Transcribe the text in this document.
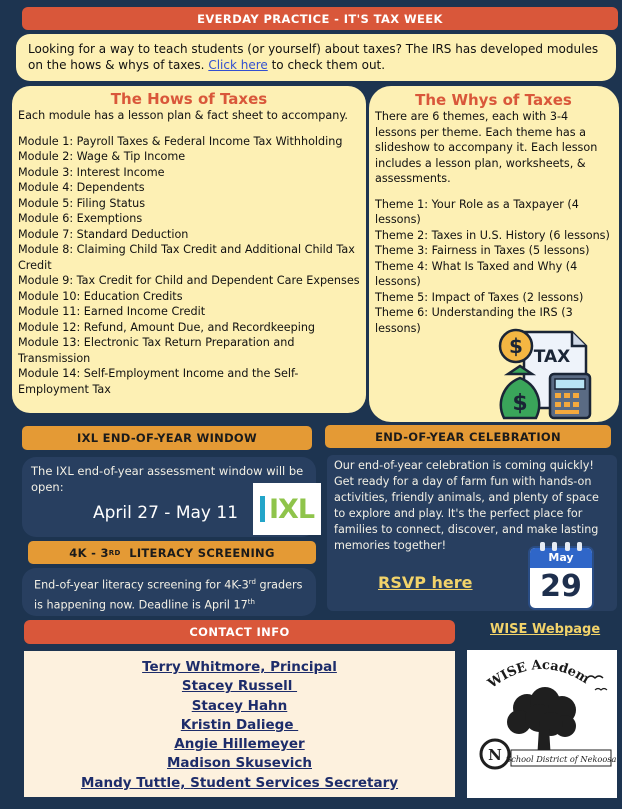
EVERDAY PRACTICE - IT'S TAX WEEK
Looking for a way to teach students (or yourself) about taxes? The IRS has developed modules on the hows & whys of taxes. Click here to check them out.
The Hows of Taxes
Each module has a lesson plan & fact sheet to accompany.
Module 1: Payroll Taxes & Federal Income Tax Withholding
Module 2: Wage & Tip Income
Module 3: Interest Income
Module 4: Dependents
Module 5: Filing Status
Module 6: Exemptions
Module 7: Standard Deduction
Module 8: Claiming Child Tax Credit and Additional Child Tax Credit
Module 9: Tax Credit for Child and Dependent Care Expenses
Module 10: Education Credits
Module 11: Earned Income Credit
Module 12: Refund, Amount Due, and Recordkeeping
Module 13: Electronic Tax Return Preparation and Transmission
Module 14: Self-Employment Income and the Self-Employment Tax
The Whys of Taxes
There are 6 themes, each with 3-4 lessons per theme. Each theme has a slideshow to accompany it. Each lesson includes a lesson plan, worksheets, & assessments.
Theme 1: Your Role as a Taxpayer (4 lessons)
Theme 2: Taxes in U.S. History (6 lessons)
Theme 3: Fairness in Taxes (5 lessons)
Theme 4: What Is Taxed and Why (4 lessons)
Theme 5: Impact of Taxes (2 lessons)
Theme 6: Understanding the IRS (3 lessons)
TAX
$
$
IXL END-OF-YEAR WINDOW
The IXL end-of-year assessment window will be open:
April 27 - May 11	IXL
4K - 3 RD LITERACY SCREENING
End-of-year literacy screening for 4K-3rd graders is happening now. Deadline is April 17th
END-OF-YEAR CELEBRATION
Our end-of-year celebration is coming quickly! Get ready for a day of farm fun with hands-on activities, friendly animals, and plenty of space to explore and play. It's the perfect place for families to connect, discover, and make lasting memories together!
RSVP here
May
29
CONTACT INFO
Terry Whitmore, Principal
Stacey Russell
Stacey Hahn
Kristin Daliege
Angie Hillemeyer
Madison Skusevich
Mandy Tuttle, Student Services Secretary
WISE Webpage
WISE Academ
N School District of Nekoosa
